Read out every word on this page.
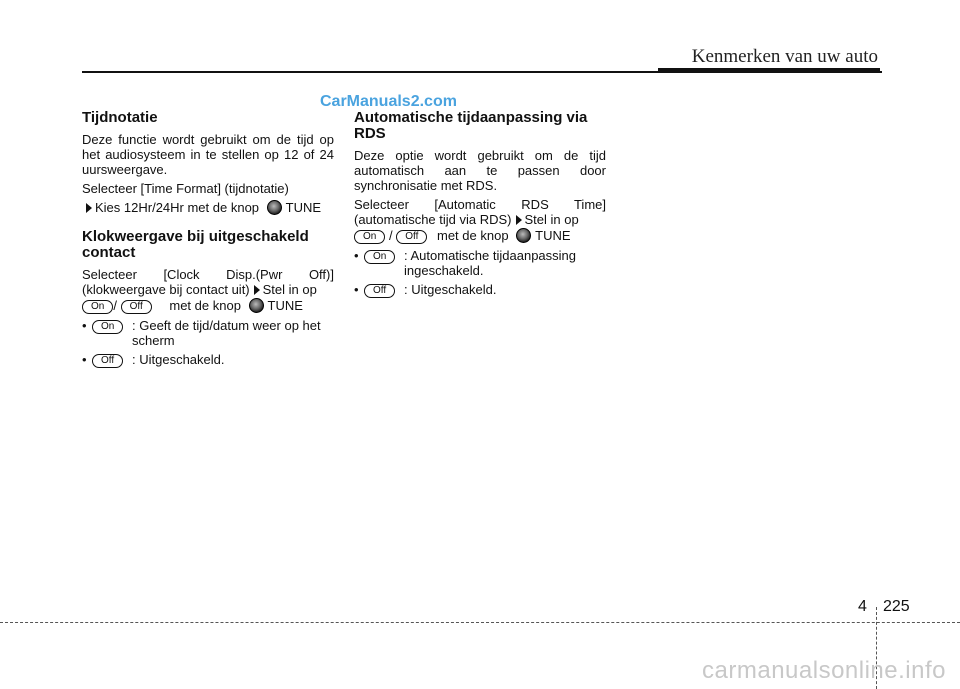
Kenmerken van uw auto
CarManuals2.com
Tijdnotatie

Deze functie wordt gebruikt om de tijd op het audiosysteem in te stellen op 12 of 24 uursweergave.

Selecteer [Time Format] (tijdnotatie)

Kies 12Hr/24Hr met de knop TUNE

Klokweergave bij uitgeschakeld contact

Selecteer [Clock Disp.(Pwr Off)] (klokweergave bij contact uit) Stel in op

On / Off met de knop TUNE

•	On	: Geeft de tijd/datum weer op het scherm
•	Off	: Uitgeschakeld.
Automatische tijdaanpassing via RDS

Deze optie wordt gebruikt om de tijd automatisch aan te passen door synchronisatie met RDS.

Selecteer [Automatic RDS Time] (automatische tijd via RDS) Stel in op

On / Off met de knop TUNE

•	On	: Automatische tijdaanpassing ingeschakeld.
•	Off	: Uitgeschakeld.
4 225
carmanualsonline.info
